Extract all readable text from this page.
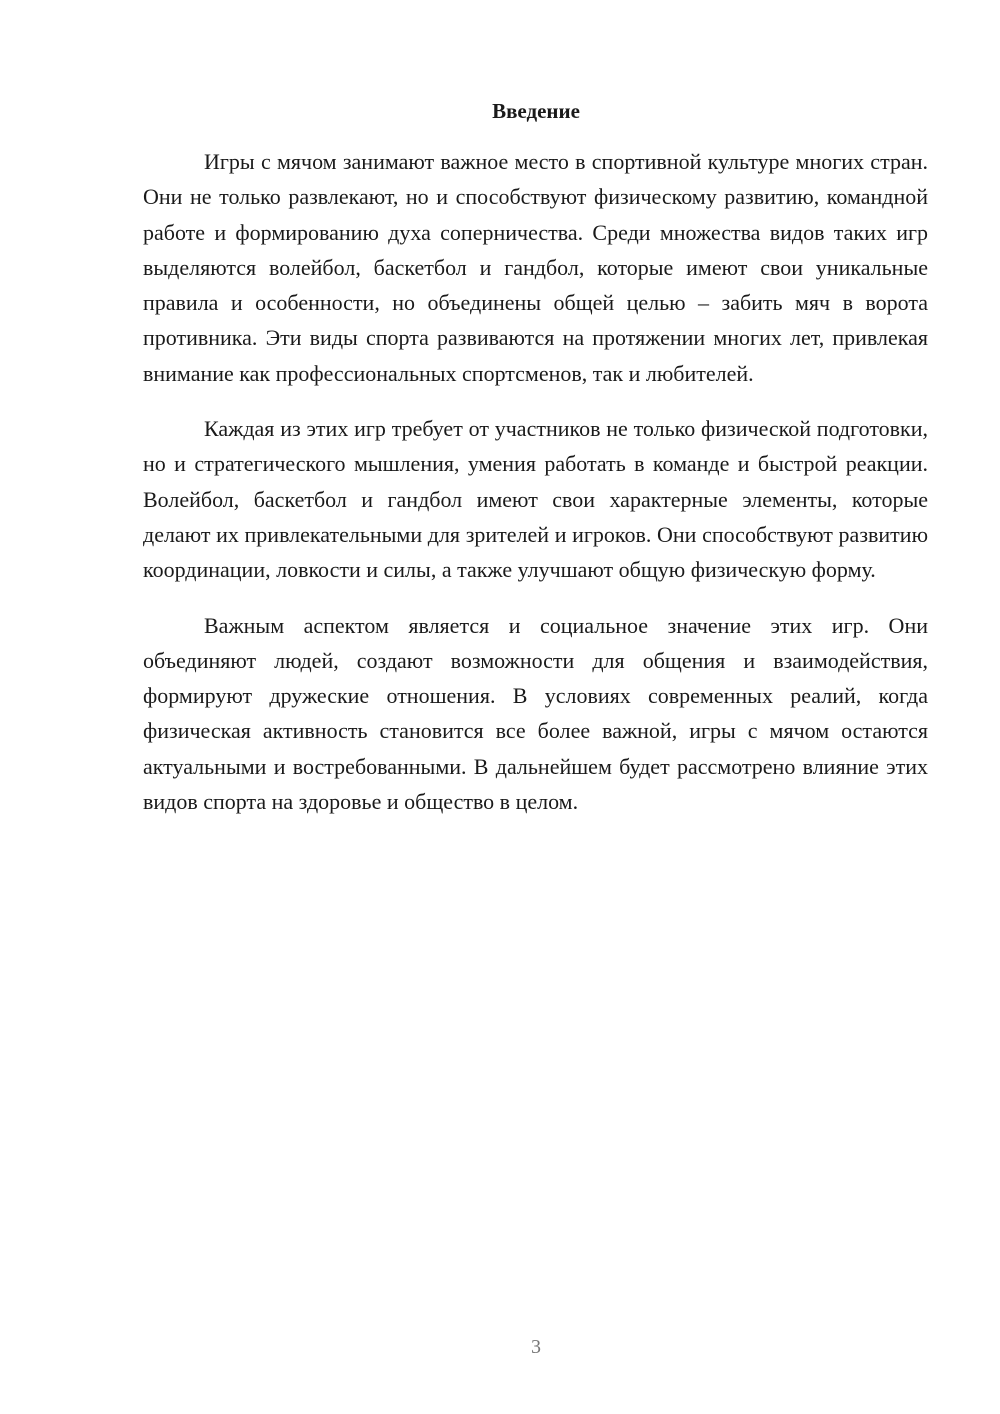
Введение

Игры с мячом занимают важное место в спортивной культуре многих стран. Они не только развлекают, но и способствуют физическому развитию, командной работе и формированию духа соперничества. Среди множества видов таких игр выделяются волейбол, баскетбол и гандбол, которые имеют свои уникальные правила и особенности, но объединены общей целью – забить мяч в ворота противника. Эти виды спорта развиваются на протяжении многих лет, привлекая внимание как профессиональных спортсменов, так и любителей.

Каждая из этих игр требует от участников не только физической подготовки, но и стратегического мышления, умения работать в команде и быстрой реакции. Волейбол, баскетбол и гандбол имеют свои характерные элементы, которые делают их привлекательными для зрителей и игроков. Они способствуют развитию координации, ловкости и силы, а также улучшают общую физическую форму.

Важным аспектом является и социальное значение этих игр. Они объединяют людей, создают возможности для общения и взаимодействия, формируют дружеские отношения. В условиях современных реалий, когда физическая активность становится все более важной, игры с мячом остаются актуальными и востребованными. В дальнейшем будет рассмотрено влияние этих видов спорта на здоровье и общество в целом.

3
